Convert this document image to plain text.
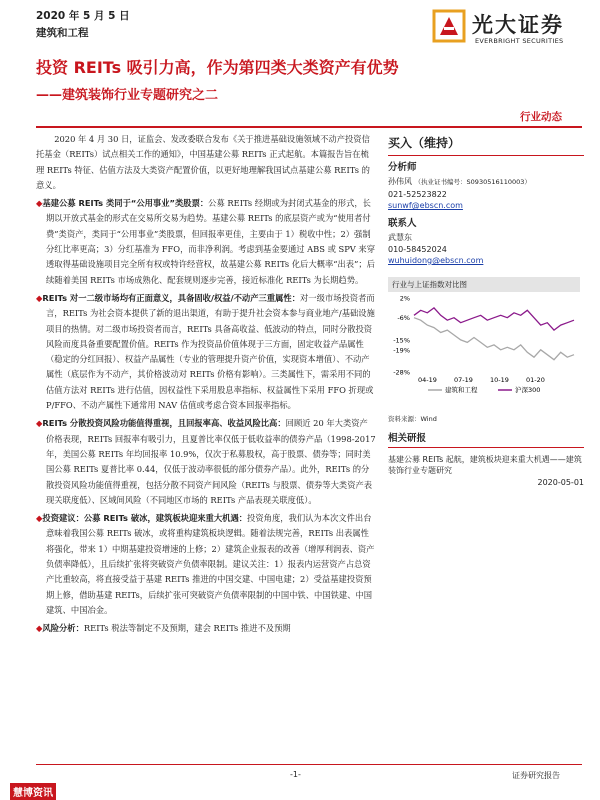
2020 年 5 月 5 日
建筑和工程	光大证券
EVERBRIGHT SECURITIES
投资 REITs 吸引力高，作为第四类大类资产有优势
——建筑装饰行业专题研究之二
行业动态

2020 年 4 月 30 日，证监会、发改委联合发布《关于推进基础设施领域不动产投资信托基金（REITs）试点相关工作的通知》，中国基建公募 REITs 正式起航。本篇报告旨在梳理 REITs 特征、估值方法及大类资产配置价值，以更好地理解我国试点基建公募 REITs 的意义。

◆基建公募 REITs 类同于“公用事业”类股票：公募 REITs 经期或为封闭式基金的形式，长期以开放式基金的形式在交易所交易为趋势。基建公募 REITs 的底层资产或为“使用者付费”类资产，类同于“公用事业”类股票，但回报率更佳，主要由于 1）税收中性；2）强制分红比率更高；3）分红基准为 FFO，而非净利润。考虑到基金要通过 ABS 或 SPV 来穿透取得基础设施项目完全所有权或特许经营权，故基建公募 REITs 化后大概率“出表”；后续随着美国 REITs 市场成熟化、配套规则逐步完善，接近标准化 REITs 为长期趋势。

◆REITs 对一二级市场均有正面意义，具备固收/权益/不动产三重属性：对一级市场投资者而言，REITs 为社会资本提供了新的退出渠道，有助于提升社会资本参与商业地产/基础设施项目的热情。对二级市场投资者而言，REITs 具备高收益、低波动的特点，同时分散投资风险而度具备重要配置价值。REITs 作为投资品价值体现于三方面，固定收益产品属性（稳定的分红回报）、权益产品属性（专业的管理提升资产价值，实现资本增值）、不动产属性（底层作为不动产，其价格波动对 REITs 价格有影响）。三类属性下，需采用不同的估值方法对 REITs 进行估值，因权益性下采用股息率指标、权益属性下采用 FFO 折现或 P/FFO、不动产属性下通常用 NAV 估值或考虑合资本回报率指标。

◆REITs 分散投资风险功能值得重视，且回报率高、收益风险比高：回顾近 20 年大类资产价格表现，REITs 回报率有吸引力，且夏普比率仅低于低收益率的债券产品（1998-2017 年，美国公募 REITs 年均回报率 10.9%，仅次于私募股权，高于股票、债券等；同时美国公募 REITs 夏普比率 0.44，仅低于波动率很低的部分债券产品）。此外，REITs 的分散投资风险功能值得重视，包括分散不同资产间风险（REITs 与股票、债券等大类资产表现关联度低）、区域间风险（不同地区市场的 REITs 产品表现关联度低）。

◆投资建议：公募 REITs 破冰，建筑板块迎来重大机遇：投资角度，我们认为本次文件出台意味着我国公募 REITs 破冰，或将重构建筑板块逻辑。随着法规完善，REITs 出表属性将强化，带来 1）中期基建投资增速的上修；2）建筑企业报表的改善（增厚利润表、资产负债率降低），且后续扩张将突破资产负债率限制。建议关注：1）报表内运营资产占总资产比重较高，将直接受益于基建 REITs 推进的中国交建、中国电建；2）受益基建投资预期上修，借助基建 REITs，后续扩张可突破资产负债率限制的中国中铁、中国铁建、中国建筑、中国冶金。

◆风险分析：REITs 税法等制定不及预期，建会 REITs 推进不及预期

买入（维持）
分析师
孙伟风 （执业证书编号：S0930516110003）
021-52523822
sunwf@ebscn.com
联系人
武慧东
010-58452024
wuhuidong@ebscn.com
行业与上证指数对比图
2%
-6%
-15%
-19%
-28%
04-19	07-19	10-19	01-20
建筑和工程	沪深300
资料来源：Wind
相关研报
基建公募 REITs 起航，建筑板块迎来重大机遇——建筑装饰行业专题研究
2020-05-01
-1-	证券研究报告
慧博资讯
